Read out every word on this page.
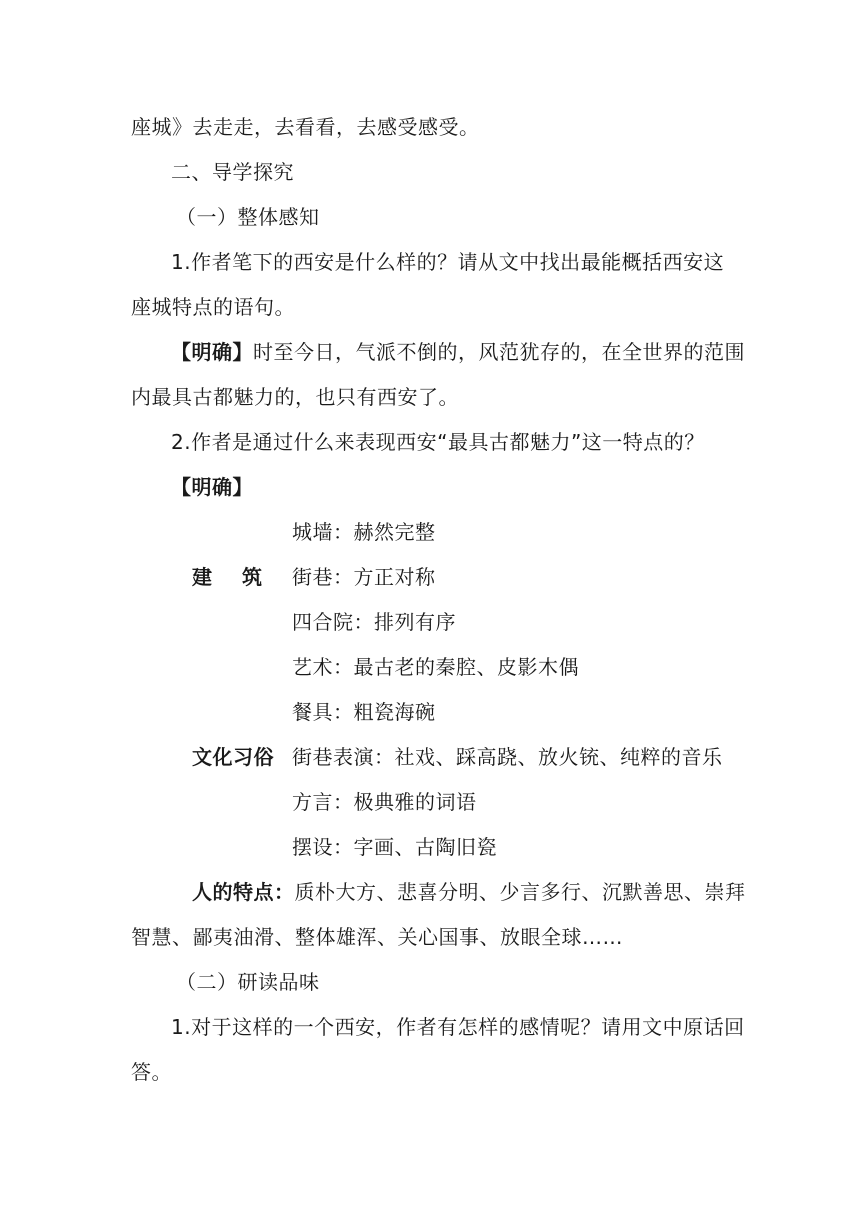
座城》去走走，去看看，去感受感受。
二、导学探究
（一）整体感知
1.作者笔下的西安是什么样的？请从文中找出最能概括西安这
座城特点的语句。
【明确】时至今日，气派不倒的，风范犹存的，在全世界的范围
内最具古都魅力的，也只有西安了。
2.作者是通过什么来表现西安“最具古都魅力”这一特点的？
【明确】
城墙：赫然完整
建筑 街巷：方正对称
四合院：排列有序
艺术：最古老的秦腔、皮影木偶
餐具：粗瓷海碗
文化习俗 街巷表演：社戏、踩高跷、放火铳、纯粹的音乐
方言：极典雅的词语
摆设：字画、古陶旧瓷
人的特点：质朴大方、悲喜分明、少言多行、沉默善思、崇拜
智慧、鄙夷油滑、整体雄浑、关心国事、放眼全球……
（二）研读品味
1.对于这样的一个西安，作者有怎样的感情呢？请用文中原话回
答。
